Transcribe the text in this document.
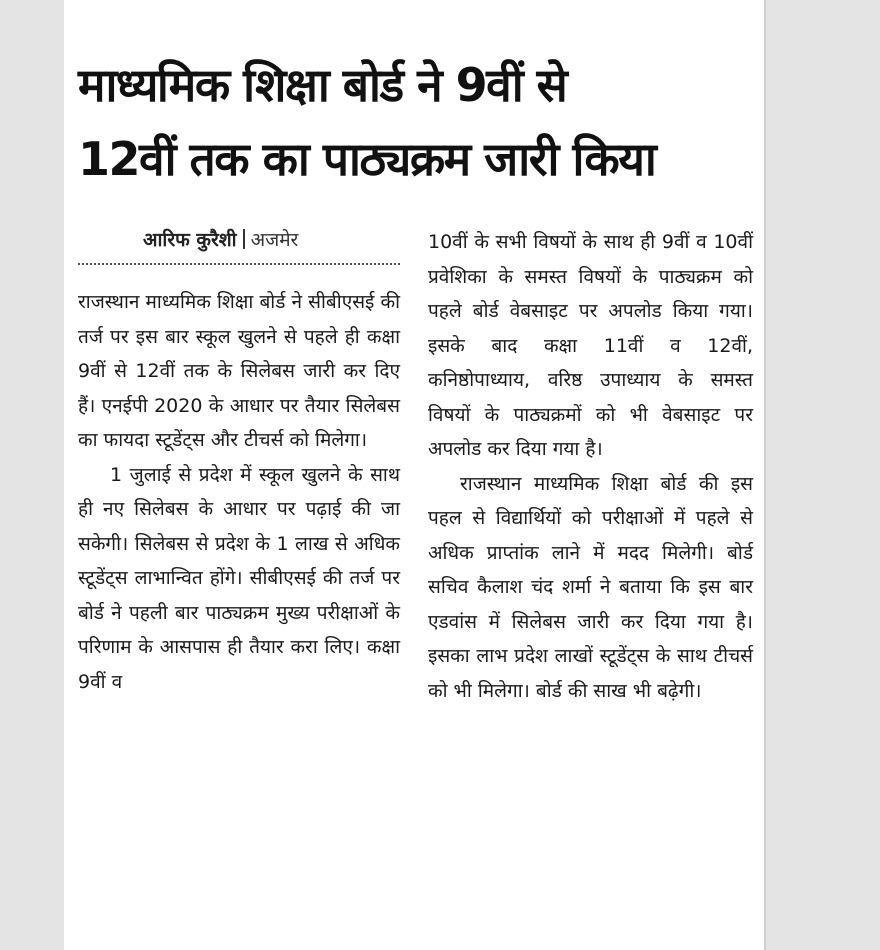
माध्यमिक शिक्षा बोर्ड ने 9वीं से
12वीं तक का पाठ्यक्रम जारी किया
आरिफ कुरैशी अजमेर

राजस्थान माध्यमिक शिक्षा बोर्ड ने सीबीएसई की तर्ज पर इस बार स्कूल खुलने से पहले ही कक्षा 9वीं से 12वीं तक के सिलेबस जारी कर दिए हैं। एनईपी 2020 के आधार पर तैयार सिलेबस का फायदा स्टूडेंट्स और टीचर्स को मिलेगा।

1 जुलाई से प्रदेश में स्कूल खुलने के साथ ही नए सिलेबस के आधार पर पढ़ाई की जा सकेगी। सिलेबस से प्रदेश के 1 लाख से अधिक स्टूडेंट्स लाभान्वित होंगे। सीबीएसई की तर्ज पर बोर्ड ने पहली बार पाठ्यक्रम मुख्य परीक्षाओं के परिणाम के आसपास ही तैयार करा लिए। कक्षा 9वीं व

10वीं के सभी विषयों के साथ ही 9वीं व 10वीं प्रवेशिका के समस्त विषयों के पाठ्यक्रम को पहले बोर्ड वेबसाइट पर अपलोड किया गया। इसके बाद कक्षा 11वीं व 12वीं, कनिष्ठोपाध्याय, वरिष्ठ उपाध्याय के समस्त विषयों के पाठ्यक्रमों को भी वेबसाइट पर अपलोड कर दिया गया है।

राजस्थान माध्यमिक शिक्षा बोर्ड की इस पहल से विद्यार्थियों को परीक्षाओं में पहले से अधिक प्राप्तांक लाने में मदद मिलेगी। बोर्ड सचिव कैलाश चंद शर्मा ने बताया कि इस बार एडवांस में सिलेबस जारी कर दिया गया है। इसका लाभ प्रदेश लाखों स्टूडेंट्स के साथ टीचर्स को भी मिलेगा। बोर्ड की साख भी बढ़ेगी।
